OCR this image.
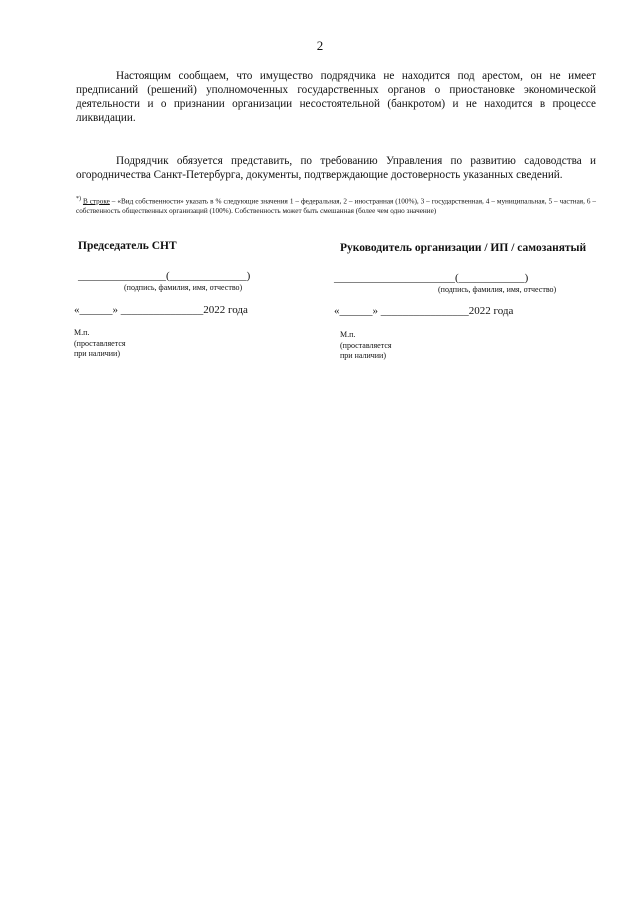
2
Настоящим сообщаем, что имущество подрядчика не находится под арестом, он не имеет предписаний (решений) уполномоченных государственных органов о приостановке экономической деятельности и о признании организации несостоятельной (банкротом) и не находится в процессе ликвидации.
Подрядчик обязуется представить, по требованию Управления по развитию садоводства и огородничества Санкт-Петербурга, документы, подтверждающие достоверность указанных сведений.
*) В строке – «Вид собственности» указать в % следующие значения 1 – федеральная, 2 – иностранная (100%), 3 – государственная, 4 – муниципальная, 5 – частная, 6 – собственность общественных организаций (100%). Собственность может быть смешанная (более чем одно значение)
Председатель СНТ
________________(______________)
(подпись, фамилия, имя, отчество)
«______» _______________2022 года
М.п.
(проставляется
при наличии)
Руководитель организации / ИП / самозанятый
______________________(____________)
(подпись, фамилия, имя, отчество)
«______» ________________2022 года
М.п.
(проставляется
при наличии)
